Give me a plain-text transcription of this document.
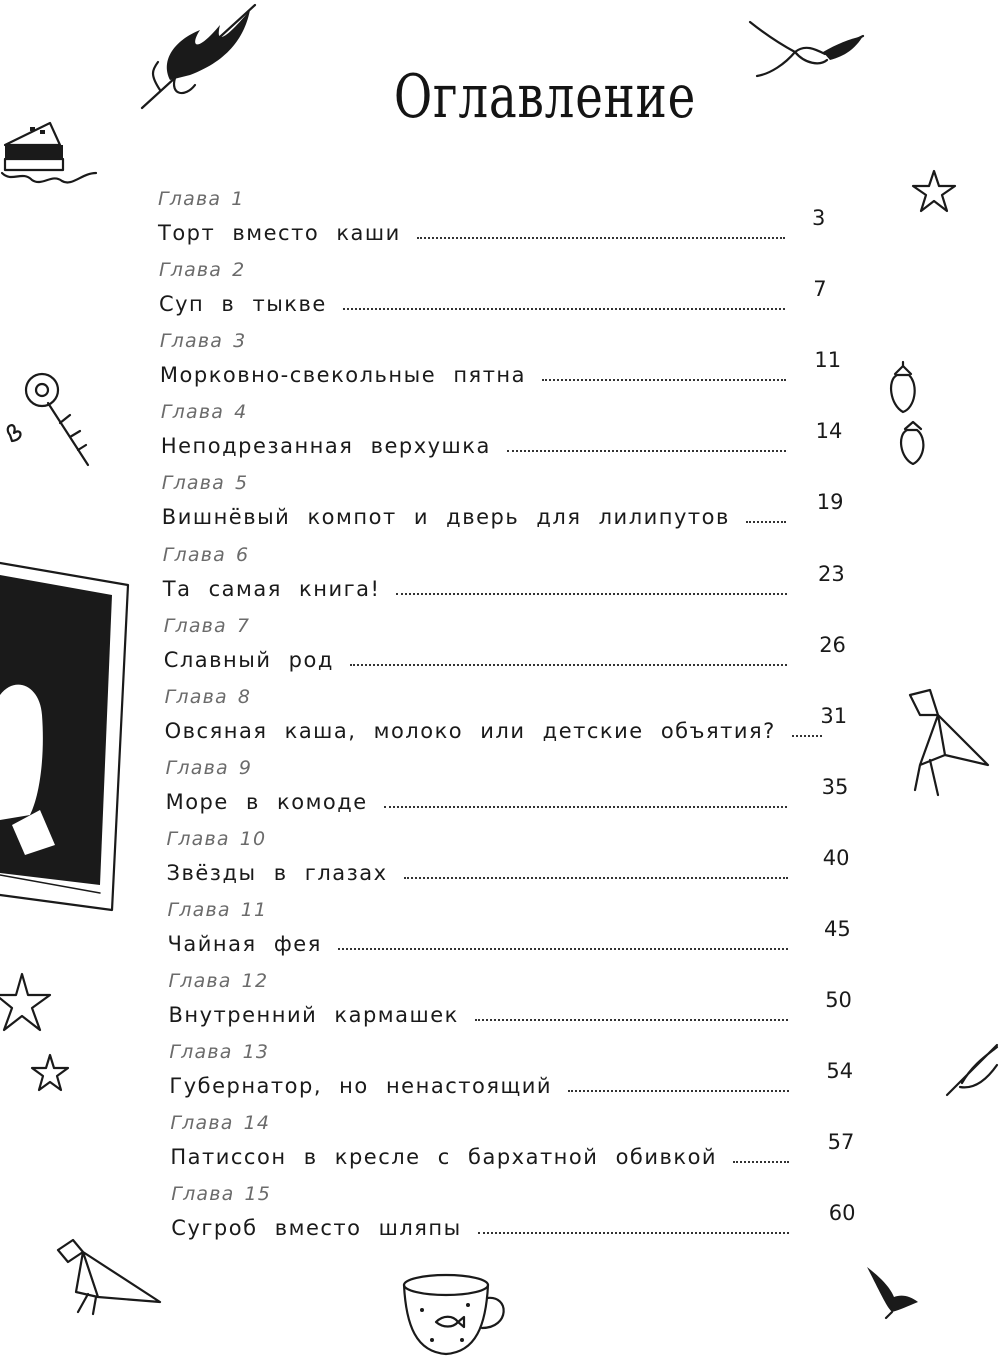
Оглавление
Глава 1
Торт вместо каши
3
Глава 2
Суп в тыкве
7
Глава 3
Морковно-свекольные пятна
11
Глава 4
Неподрезанная верхушка
14
Глава 5
Вишнёвый компот и дверь для лилипутов
19
Глава 6
Та самая книга!
23
Глава 7
Славный род
26
Глава 8
Овсяная каша, молоко или детские объятия?
31
Глава 9
Море в комоде
35
Глава 10
Звёзды в глазах
40
Глава 11
Чайная фея
45
Глава 12
Внутренний кармашек
50
Глава 13
Губернатор, но ненастоящий
54
Глава 14
Патиссон в кресле с бархатной обивкой
57
Глава 15
Сугроб вместо шляпы
60
